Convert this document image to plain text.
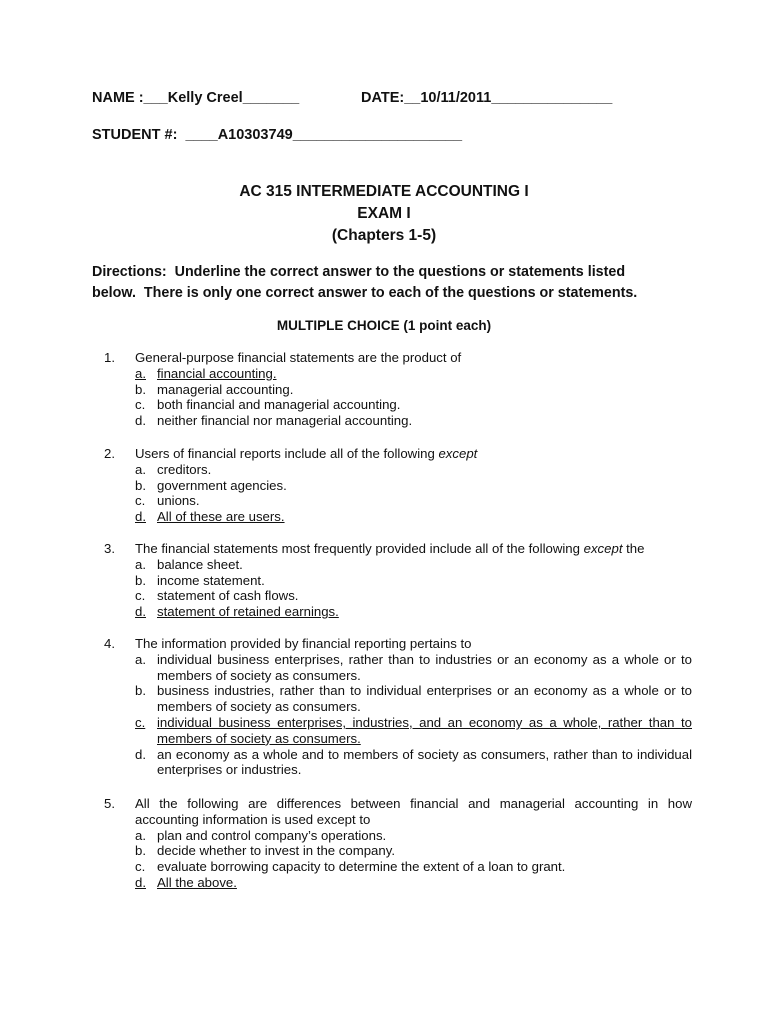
NAME :___Kelly Creel_______	DATE:__10/11/2011_______________
STUDENT #:  ____A10303749_____________________
AC 315 INTERMEDIATE ACCOUNTING I
EXAM I
(Chapters 1-5)
Directions:  Underline the correct answer to the questions or statements listed
below.  There is only one correct answer to each of the questions or statements.
MULTIPLE CHOICE (1 point each)
1. General-purpose financial statements are the product of
a. financial accounting.
b. managerial accounting.
c. both financial and managerial accounting.
d. neither financial nor managerial accounting.
2. Users of financial reports include all of the following except
a. creditors.
b. government agencies.
c. unions.
d. All of these are users.
3. The financial statements most frequently provided include all of the following except the
a. balance sheet.
b. income statement.
c. statement of cash flows.
d. statement of retained earnings.
4. The information provided by financial reporting pertains to
a. individual business enterprises, rather than to industries or an economy as a whole or to members of society as consumers.
b. business industries, rather than to individual enterprises or an economy as a whole or to members of society as consumers.
c. individual business enterprises, industries, and an economy as a whole, rather than to members of society as consumers.
d. an economy as a whole and to members of society as consumers, rather than to individual enterprises or industries.
5. All the following are differences between financial and managerial accounting in how accounting information is used except to
a. plan and control company’s operations.
b. decide whether to invest in the company.
c. evaluate borrowing capacity to determine the extent of a loan to grant.
d. All the above.
